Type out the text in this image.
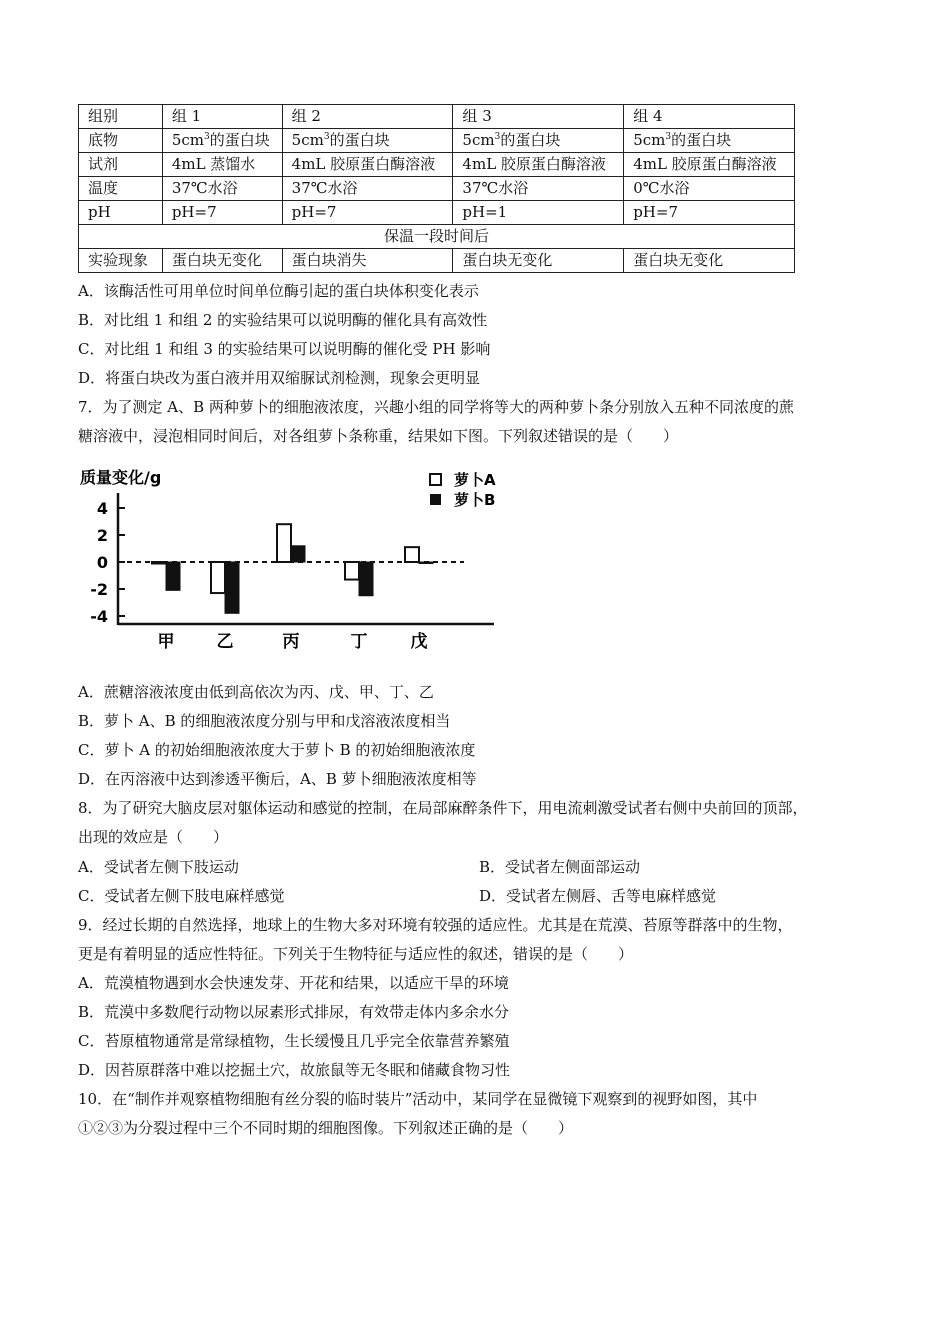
组别	组 1	组 2	组 3	组 4
底物	$5cm^3$的蛋白块	$5cm^3$的蛋白块	$5cm^3$的蛋白块	$5cm^3$的蛋白块
试剂	4mL 蒸馏水	4mL 胶原蛋白酶溶液	4mL 胶原蛋白酶溶液	4mL 胶原蛋白酶溶液
温度	37℃水浴	37℃水浴	37℃水浴	0℃水浴
pH	pH=7	pH=7	pH=1	pH=7
保温一段时间后				
实验现象	蛋白块无变化	蛋白块消失	蛋白块无变化	蛋白块无变化
A．该酶活性可用单位时间单位酶引起的蛋白块体积变化表示
B．对比组 1 和组 2 的实验结果可以说明酶的催化具有高效性
C．对比组 1 和组 3 的实验结果可以说明酶的催化受 PH 影响
D．将蛋白块改为蛋白液并用双缩脲试剂检测，现象会更明显
7．为了测定 A、B 两种萝卜的细胞液浓度，兴趣小组的同学将等大的两种萝卜条分别放入五种不同浓度的蔗
糖溶液中，浸泡相同时间后，对各组萝卜条称重，结果如下图。下列叙述错误的是（　　）
质量变化/g
4
2
0
-2
-4
甲 乙	丙	丁	戊
萝卜A
萝卜B
A．蔗糖溶液浓度由低到高依次为丙、戊、甲、丁、乙
B．萝卜 A、B 的细胞液浓度分别与甲和戊溶液浓度相当
C．萝卜 A 的初始细胞液浓度大于萝卜 B 的初始细胞液浓度
D．在丙溶液中达到渗透平衡后，A、B 萝卜细胞液浓度相等
8．为了研究大脑皮层对躯体运动和感觉的控制，在局部麻醉条件下，用电流刺激受试者右侧中央前回的顶部，
出现的效应是（　　）
A．受试者左侧下肢运动	B．受试者左侧面部运动
C．受试者左侧下肢电麻样感觉	D．受试者左侧唇、舌等电麻样感觉
9．经过长期的自然选择，地球上的生物大多对环境有较强的适应性。尤其是在荒漠、苔原等群落中的生物，
更是有着明显的适应性特征。下列关于生物特征与适应性的叙述，错误的是（　　）
A．荒漠植物遇到水会快速发芽、开花和结果，以适应干旱的环境
B．荒漠中多数爬行动物以尿素形式排尿，有效带走体内多余水分
C．苔原植物通常是常绿植物，生长缓慢且几乎完全依靠营养繁殖
D．因苔原群落中难以挖掘土穴，故旅鼠等无冬眠和储藏食物习性
10．在“制作并观察植物细胞有丝分裂的临时装片”活动中，某同学在显微镜下观察到的视野如图，其中
①②③为分裂过程中三个不同时期的细胞图像。下列叙述正确的是（　　）
